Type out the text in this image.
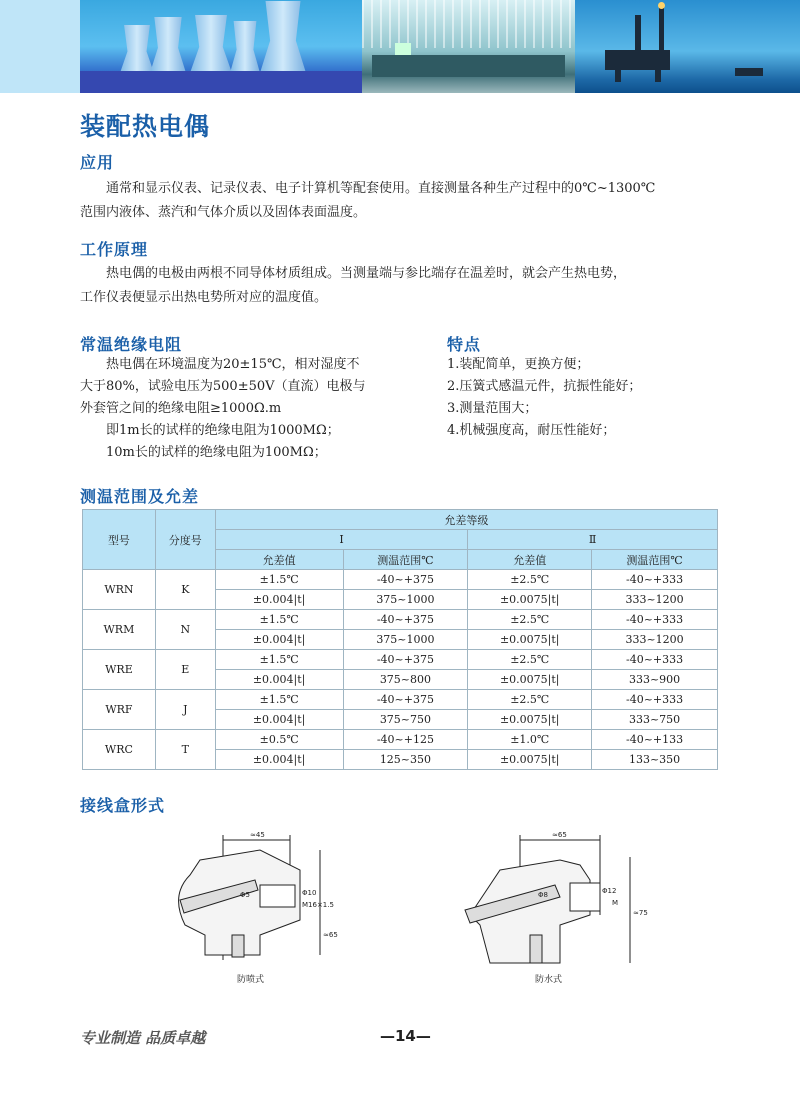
装配热电偶
应用
通常和显示仪表、记录仪表、电子计算机等配套使用。直接测量各种生产过程中的0℃~1300℃
范围内液体、蒸汽和气体介质以及固体表面温度。
工作原理
热电偶的电极由两根不同导体材质组成。当测量端与参比端存在温差时，就会产生热电势，
工作仪表便显示出热电势所对应的温度值。
常温绝缘电阻
热电偶在环境温度为20±15℃，相对湿度不
大于80%，试验电压为500±50V（直流）电极与
外套管之间的绝缘电阻≥1000Ω.m
即1m长的试样的绝缘电阻为1000MΩ；
10m长的试样的绝缘电阻为100MΩ；
特点
1.装配简单，更换方便；
2.压簧式感温元件，抗振性能好；
3.测量范围大；
4.机械强度高，耐压性能好；
测温范围及允差
型号	分度号	允差等级			
		Ⅰ		Ⅱ	
		允差值	测温范围℃	允差值	测温范围℃
WRN	K	±1.5℃	-40~+375	±2.5℃	-40~+333
		±0.004|t|	375~1000	±0.0075|t|	333~1200
WRM	N	±1.5℃	-40~+375	±2.5℃	-40~+333
		±0.004|t|	375~1000	±0.0075|t|	333~1200
WRE	E	±1.5℃	-40~+375	±2.5℃	-40~+333
		±0.004|t|	375~800	±0.0075|t|	333~900
WRF	J	±1.5℃	-40~+375	±2.5℃	-40~+333
		±0.004|t|	375~750	±0.0075|t|	333~750
WRC	T	±0.5℃	-40~+125	±1.0℃	-40~+133
		±0.004|t|	125~350	±0.0075|t|	133~350
接线盒形式
≈45
Φ10
M16×1.5
Φ5
≈65
≈65
Φ8	Φ12
M
≈75
防喷式	防水式
专业制造 品质卓越	—14—
